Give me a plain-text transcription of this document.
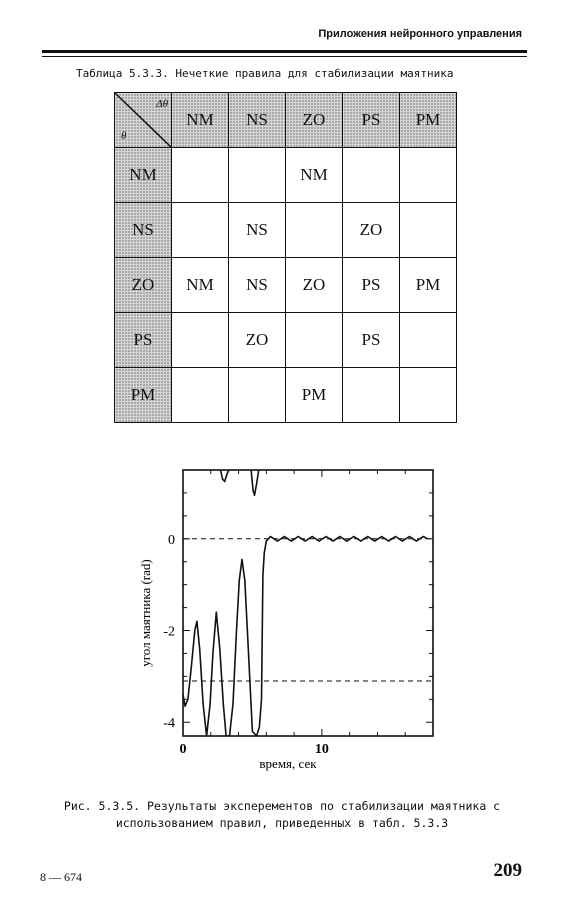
Приложения нейронного управления
Таблица 5.3.3. Нечеткие правила для стабилизации маятника
Δθ
θ	NM	NS	ZO	PS	PM
NM			NM		
NS		NS		ZO	
ZO	NM	NS	ZO	PS	PM
PS		ZO		PS	
PM			PM		
0
-2
-4
0	10
время, сек
угол маятника (rad)
Рис. 5.3.5. Результаты эксперементов по стабилизации маятника с
использованием правил, приведенных в табл. 5.3.3
8 — 674	209
